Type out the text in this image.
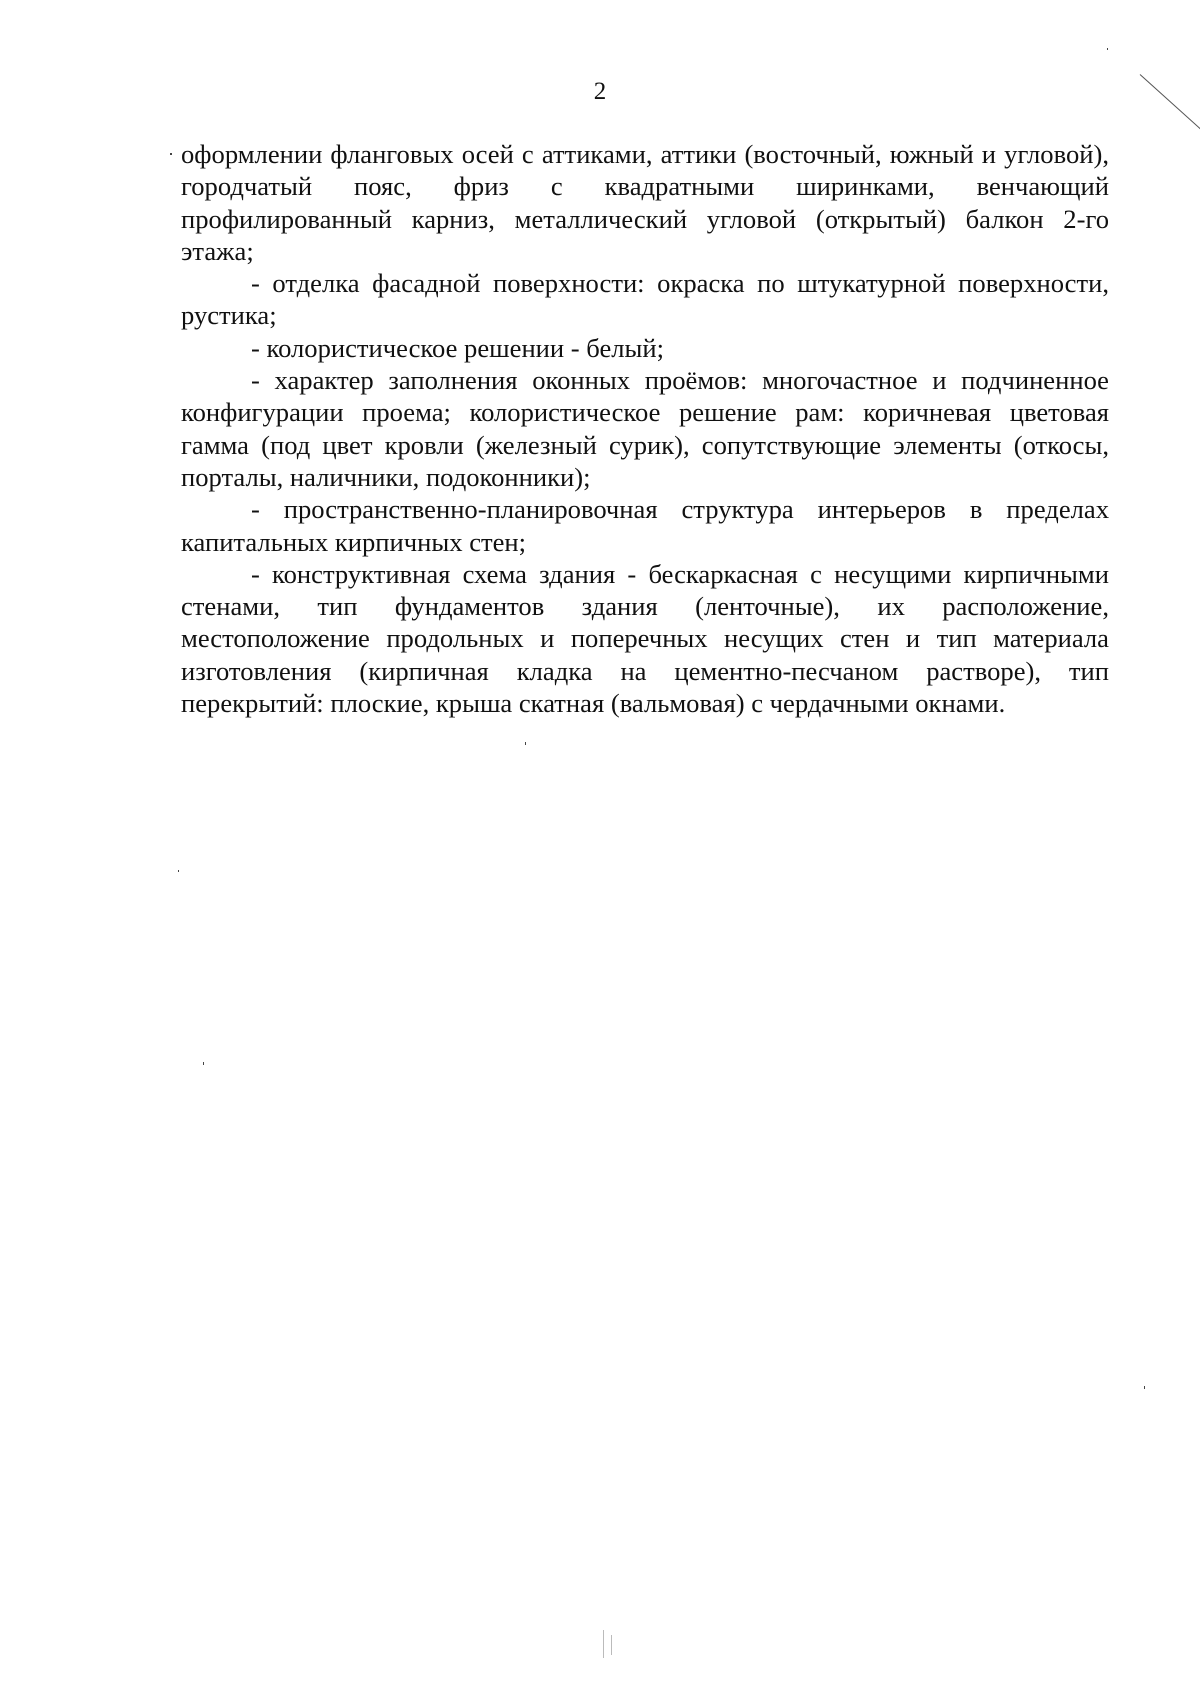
2

оформлении фланговых осей с аттиками, аттики (восточный, южный и угловой), городчатый пояс, фриз с квадратными ширинками, венчающий профилированный карниз, металлический угловой (открытый) балкон 2-го этажа;

- отделка фасадной поверхности: окраска по штукатурной поверхности, рустика;

- колористическое решении - белый;

- характер заполнения оконных проёмов: многочастное и подчиненное конфигурации проема; колористическое решение рам: коричневая цветовая гамма (под цвет кровли (железный сурик), сопутствующие элементы (откосы, порталы, наличники, подоконники);

- пространственно-планировочная структура интерьеров в пределах капитальных кирпичных стен;

- конструктивная схема здания - бескаркасная с несущими кирпичными стенами, тип фундаментов здания (ленточные), их расположение, местоположение продольных и поперечных несущих стен и тип материала изготовления (кирпичная кладка на цементно-песчаном растворе), тип перекрытий: плоские, крыша скатная (вальмовая) с чердачными окнами.
